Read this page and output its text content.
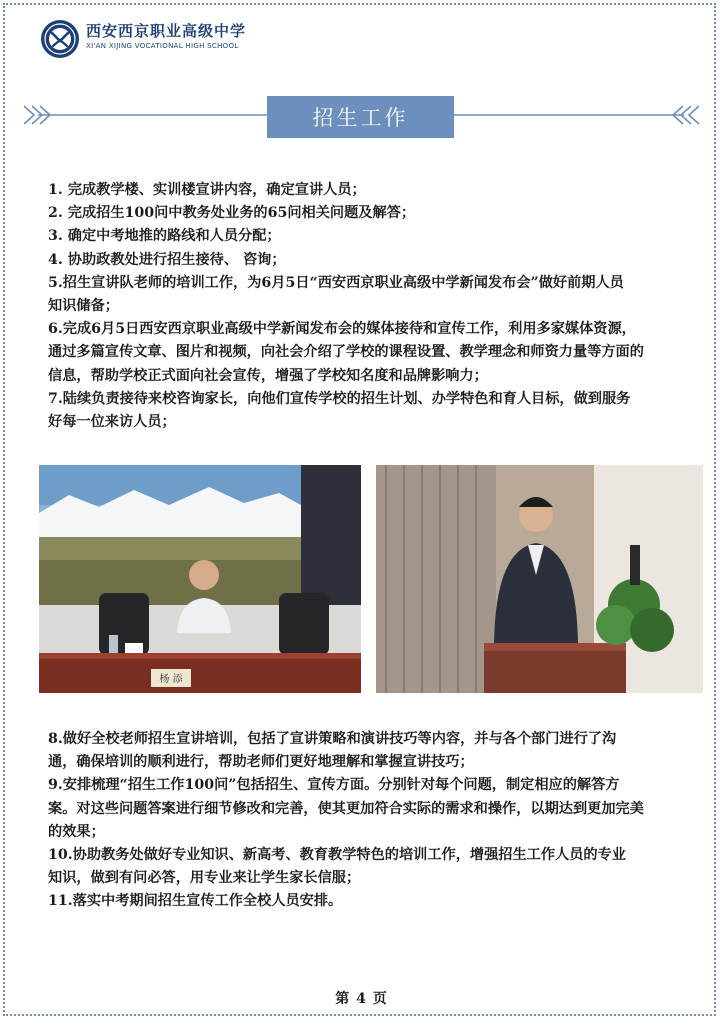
西安西京职业高级中学
XI'AN XIJING VOCATIONAL HIGH SCHOOL
招生工作

1. 完成教学楼、实训楼宣讲内容，确定宣讲人员；

2. 完成招生100问中教务处业务的65问相关问题及解答；

3. 确定中考地推的路线和人员分配；

4. 协助政教处进行招生接待、 咨询；

5.招生宣讲队老师的培训工作，为6月5日“西安西京职业高级中学新闻发布会”做好前期人员

知识储备；

6.完成6月5日西安西京职业高级中学新闻发布会的媒体接待和宣传工作，利用多家媒体资源，

通过多篇宣传文章、图片和视频，向社会介绍了学校的课程设置、教学理念和师资力量等方面的

信息，帮助学校正式面向社会宣传，增强了学校知名度和品牌影响力；

7.陆续负责接待来校咨询家长，向他们宣传学校的招生计划、办学特色和育人目标，做到服务

好每一位来访人员；

杨 添

8.做好全校老师招生宣讲培训，包括了宣讲策略和演讲技巧等内容，并与各个部门进行了沟

通，确保培训的顺利进行，帮助老师们更好地理解和掌握宣讲技巧；

9.安排梳理“招生工作100问”包括招生、宣传方面。分别针对每个问题，制定相应的解答方

案。对这些问题答案进行细节修改和完善，使其更加符合实际的需求和操作，以期达到更加完美

的效果；

10.协助教务处做好专业知识、新高考、教育教学特色的培训工作，增强招生工作人员的专业

知识，做到有问必答，用专业来让学生家长信服；

11.落实中考期间招生宣传工作全校人员安排。

第 4 页
